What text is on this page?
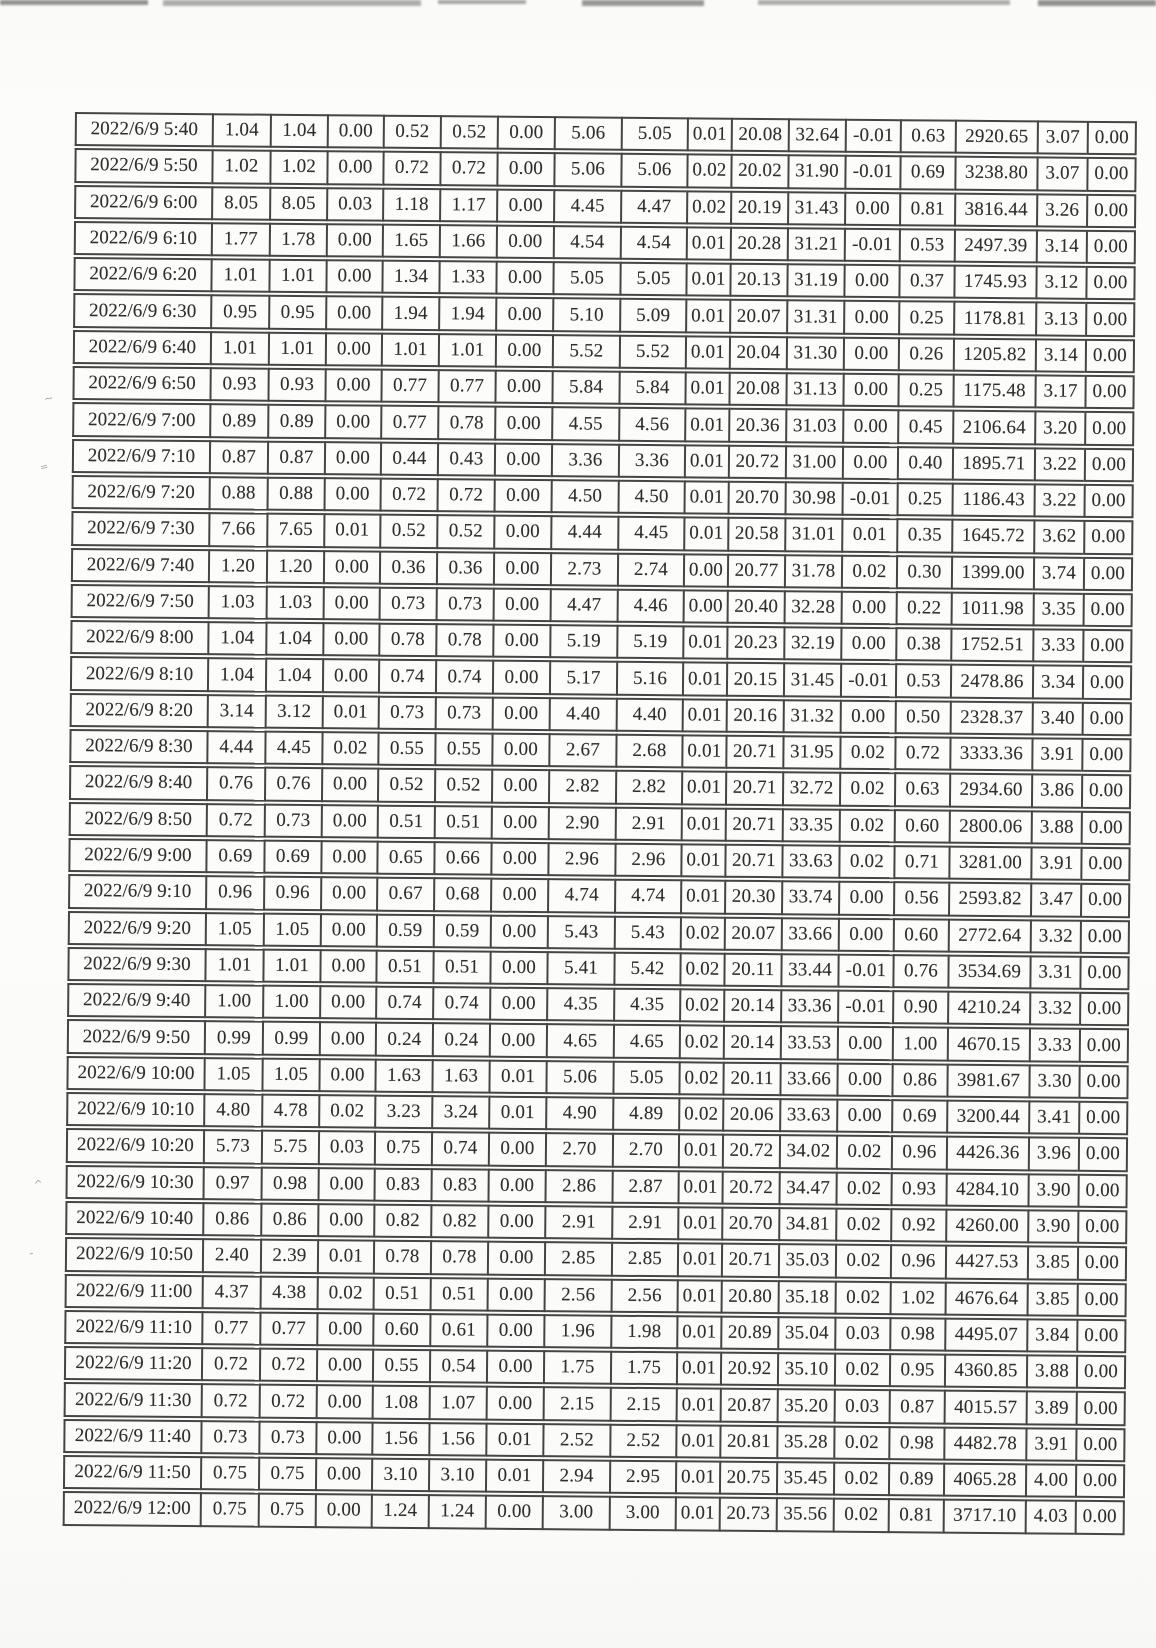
~
=
^
-
2022/6/9 5:40	1.04	1.04	0.00	0.52	0.52	0.00	5.06	5.05	0.01	20.08	32.64	-0.01	0.63	2920.65	3.07	0.00
2022/6/9 5:50	1.02	1.02	0.00	0.72	0.72	0.00	5.06	5.06	0.02	20.02	31.90	-0.01	0.69	3238.80	3.07	0.00
2022/6/9 6:00	8.05	8.05	0.03	1.18	1.17	0.00	4.45	4.47	0.02	20.19	31.43	0.00	0.81	3816.44	3.26	0.00
2022/6/9 6:10	1.77	1.78	0.00	1.65	1.66	0.00	4.54	4.54	0.01	20.28	31.21	-0.01	0.53	2497.39	3.14	0.00
2022/6/9 6:20	1.01	1.01	0.00	1.34	1.33	0.00	5.05	5.05	0.01	20.13	31.19	0.00	0.37	1745.93	3.12	0.00
2022/6/9 6:30	0.95	0.95	0.00	1.94	1.94	0.00	5.10	5.09	0.01	20.07	31.31	0.00	0.25	1178.81	3.13	0.00
2022/6/9 6:40	1.01	1.01	0.00	1.01	1.01	0.00	5.52	5.52	0.01	20.04	31.30	0.00	0.26	1205.82	3.14	0.00
2022/6/9 6:50	0.93	0.93	0.00	0.77	0.77	0.00	5.84	5.84	0.01	20.08	31.13	0.00	0.25	1175.48	3.17	0.00
2022/6/9 7:00	0.89	0.89	0.00	0.77	0.78	0.00	4.55	4.56	0.01	20.36	31.03	0.00	0.45	2106.64	3.20	0.00
2022/6/9 7:10	0.87	0.87	0.00	0.44	0.43	0.00	3.36	3.36	0.01	20.72	31.00	0.00	0.40	1895.71	3.22	0.00
2022/6/9 7:20	0.88	0.88	0.00	0.72	0.72	0.00	4.50	4.50	0.01	20.70	30.98	-0.01	0.25	1186.43	3.22	0.00
2022/6/9 7:30	7.66	7.65	0.01	0.52	0.52	0.00	4.44	4.45	0.01	20.58	31.01	0.01	0.35	1645.72	3.62	0.00
2022/6/9 7:40	1.20	1.20	0.00	0.36	0.36	0.00	2.73	2.74	0.00	20.77	31.78	0.02	0.30	1399.00	3.74	0.00
2022/6/9 7:50	1.03	1.03	0.00	0.73	0.73	0.00	4.47	4.46	0.00	20.40	32.28	0.00	0.22	1011.98	3.35	0.00
2022/6/9 8:00	1.04	1.04	0.00	0.78	0.78	0.00	5.19	5.19	0.01	20.23	32.19	0.00	0.38	1752.51	3.33	0.00
2022/6/9 8:10	1.04	1.04	0.00	0.74	0.74	0.00	5.17	5.16	0.01	20.15	31.45	-0.01	0.53	2478.86	3.34	0.00
2022/6/9 8:20	3.14	3.12	0.01	0.73	0.73	0.00	4.40	4.40	0.01	20.16	31.32	0.00	0.50	2328.37	3.40	0.00
2022/6/9 8:30	4.44	4.45	0.02	0.55	0.55	0.00	2.67	2.68	0.01	20.71	31.95	0.02	0.72	3333.36	3.91	0.00
2022/6/9 8:40	0.76	0.76	0.00	0.52	0.52	0.00	2.82	2.82	0.01	20.71	32.72	0.02	0.63	2934.60	3.86	0.00
2022/6/9 8:50	0.72	0.73	0.00	0.51	0.51	0.00	2.90	2.91	0.01	20.71	33.35	0.02	0.60	2800.06	3.88	0.00
2022/6/9 9:00	0.69	0.69	0.00	0.65	0.66	0.00	2.96	2.96	0.01	20.71	33.63	0.02	0.71	3281.00	3.91	0.00
2022/6/9 9:10	0.96	0.96	0.00	0.67	0.68	0.00	4.74	4.74	0.01	20.30	33.74	0.00	0.56	2593.82	3.47	0.00
2022/6/9 9:20	1.05	1.05	0.00	0.59	0.59	0.00	5.43	5.43	0.02	20.07	33.66	0.00	0.60	2772.64	3.32	0.00
2022/6/9 9:30	1.01	1.01	0.00	0.51	0.51	0.00	5.41	5.42	0.02	20.11	33.44	-0.01	0.76	3534.69	3.31	0.00
2022/6/9 9:40	1.00	1.00	0.00	0.74	0.74	0.00	4.35	4.35	0.02	20.14	33.36	-0.01	0.90	4210.24	3.32	0.00
2022/6/9 9:50	0.99	0.99	0.00	0.24	0.24	0.00	4.65	4.65	0.02	20.14	33.53	0.00	1.00	4670.15	3.33	0.00
2022/6/9 10:00	1.05	1.05	0.00	1.63	1.63	0.01	5.06	5.05	0.02	20.11	33.66	0.00	0.86	3981.67	3.30	0.00
2022/6/9 10:10	4.80	4.78	0.02	3.23	3.24	0.01	4.90	4.89	0.02	20.06	33.63	0.00	0.69	3200.44	3.41	0.00
2022/6/9 10:20	5.73	5.75	0.03	0.75	0.74	0.00	2.70	2.70	0.01	20.72	34.02	0.02	0.96	4426.36	3.96	0.00
2022/6/9 10:30	0.97	0.98	0.00	0.83	0.83	0.00	2.86	2.87	0.01	20.72	34.47	0.02	0.93	4284.10	3.90	0.00
2022/6/9 10:40	0.86	0.86	0.00	0.82	0.82	0.00	2.91	2.91	0.01	20.70	34.81	0.02	0.92	4260.00	3.90	0.00
2022/6/9 10:50	2.40	2.39	0.01	0.78	0.78	0.00	2.85	2.85	0.01	20.71	35.03	0.02	0.96	4427.53	3.85	0.00
2022/6/9 11:00	4.37	4.38	0.02	0.51	0.51	0.00	2.56	2.56	0.01	20.80	35.18	0.02	1.02	4676.64	3.85	0.00
2022/6/9 11:10	0.77	0.77	0.00	0.60	0.61	0.00	1.96	1.98	0.01	20.89	35.04	0.03	0.98	4495.07	3.84	0.00
2022/6/9 11:20	0.72	0.72	0.00	0.55	0.54	0.00	1.75	1.75	0.01	20.92	35.10	0.02	0.95	4360.85	3.88	0.00
2022/6/9 11:30	0.72	0.72	0.00	1.08	1.07	0.00	2.15	2.15	0.01	20.87	35.20	0.03	0.87	4015.57	3.89	0.00
2022/6/9 11:40	0.73	0.73	0.00	1.56	1.56	0.01	2.52	2.52	0.01	20.81	35.28	0.02	0.98	4482.78	3.91	0.00
2022/6/9 11:50	0.75	0.75	0.00	3.10	3.10	0.01	2.94	2.95	0.01	20.75	35.45	0.02	0.89	4065.28	4.00	0.00
2022/6/9 12:00	0.75	0.75	0.00	1.24	1.24	0.00	3.00	3.00	0.01	20.73	35.56	0.02	0.81	3717.10	4.03	0.00
